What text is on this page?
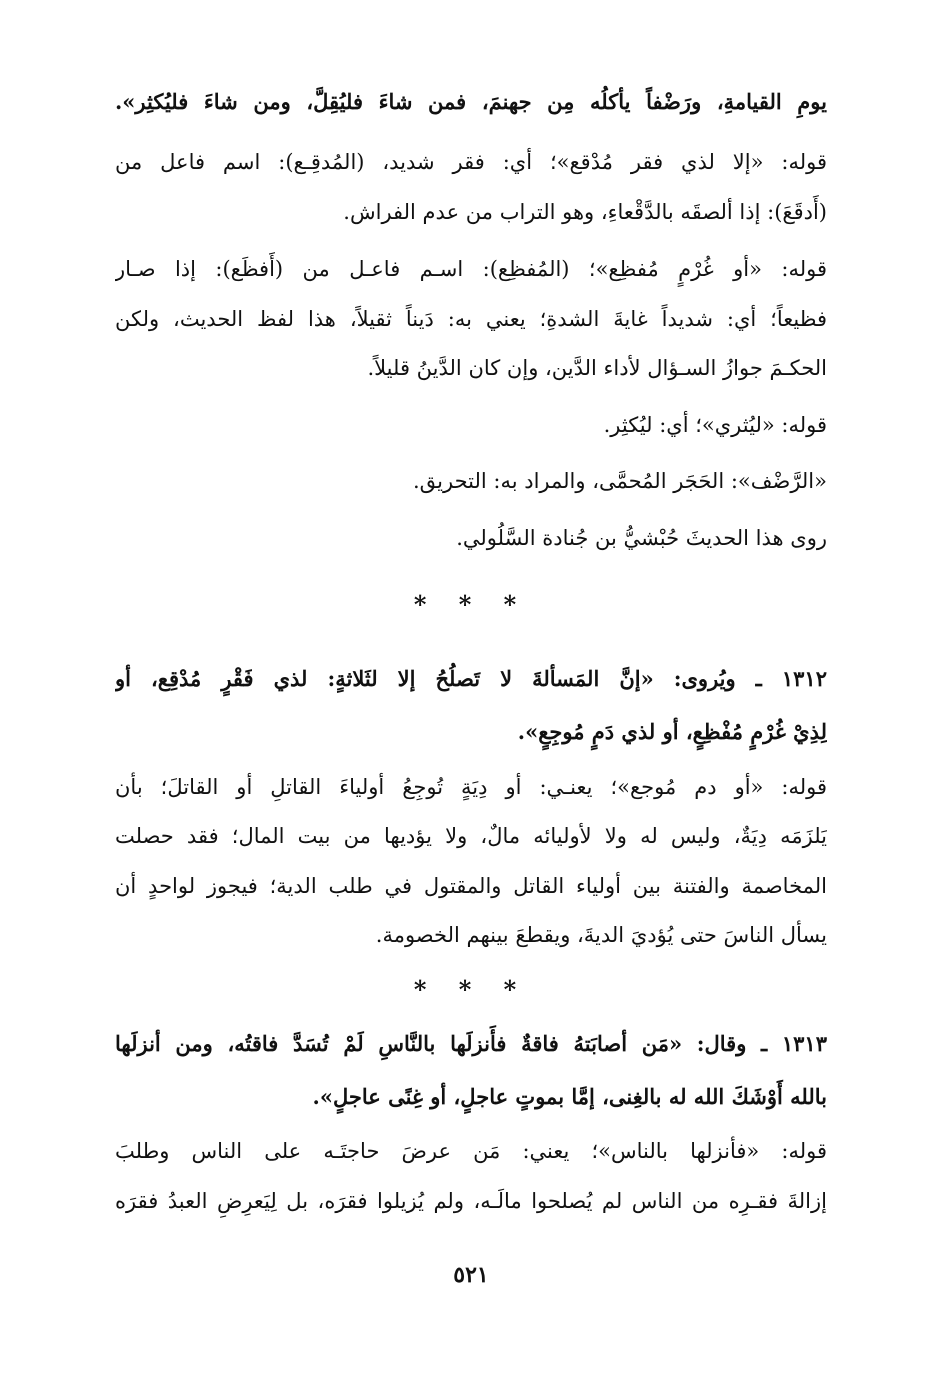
يومِ القيامةِ، ورَضْفاً يأكلُه مِن جهنمَ، فمن شاءَ فليُقِلَّ، ومن شاءَ فليُكثِر».
قوله: «إلا لذي فقر مُدْقع»؛ أي: فقر شديد، (المُدقِـع): اسم فاعل من
(أَدقَعَ): إذا ألصقَه بالدَّقْعاءِ، وهو التراب من عدم الفراش.
قوله: «أو غُرْمٍ مُفظِع»؛ (المُفظِع): اسـم فاعـل من (أَفظَع): إذا صـار
فظيعاً؛ أي: شديداً غايةَ الشدةِ؛ يعني به: دَيناً ثقيلاً، هذا لفظ الحديث، ولكن
الحكـمَ جوازُ السـؤال لأداء الدَّين، وإن كان الدَّينُ قليلاً.
قوله: «ليُثري»؛ أي: ليُكثِر.
«الرَّضْف»: الحَجَر المُحمَّى، والمراد به: التحريق.
روى هذا الحديثَ حُبْشيُّ بن جُنادة السَّلُولي.
* * *
١٣١٢ ـ ويُروى: «إنَّ المَسألةَ لا تَصلُحُ إلا لثَلاثةٍ: لذي فَقْرٍ مُدْقِع، أو
لِذِيْ غُرْمٍ مُفْظِعٍ، أو لذي دَمٍ مُوجِعٍ».
قوله: «أو دم مُوجع»؛ يعنـي: أو دِيَةٍ تُوجِعُ أولياءَ القاتلِ أو القاتلَ؛ بأن
يَلزَمَه دِيَةٌ، وليس له ولا لأوليائه مالٌ، ولا يؤديها من بيت المال؛ فقد حصلت
المخاصمة والفتنة بين أولياء القاتل والمقتول في طلب الدية؛ فيجوز لواحدٍ أن
يسأل الناسَ حتى يُؤديَ الديةَ، ويقطعَ بينهم الخصومة.
* * *
١٣١٣ ـ وقال: «مَن أصابَتهُ فاقةٌ فأَنزلَها بالنَّاسِ لَمْ تُسَدَّ فاقتُه، ومن أنزلَها
بالله أَوْشَكَ الله له بالغِنى، إمَّا بموتٍ عاجلٍ، أو غِنًى عاجلٍ».
قوله: «فأنزلها بالناس»؛ يعني: مَن عرضَ حاجتَـه على الناس وطلبَ
إزالةَ فقـرِه من الناس لم يُصلحوا مالَـه، ولم يُزيلوا فقرَه، بل لِيَعرِضِ العبدُ فقرَه
٥٢١
